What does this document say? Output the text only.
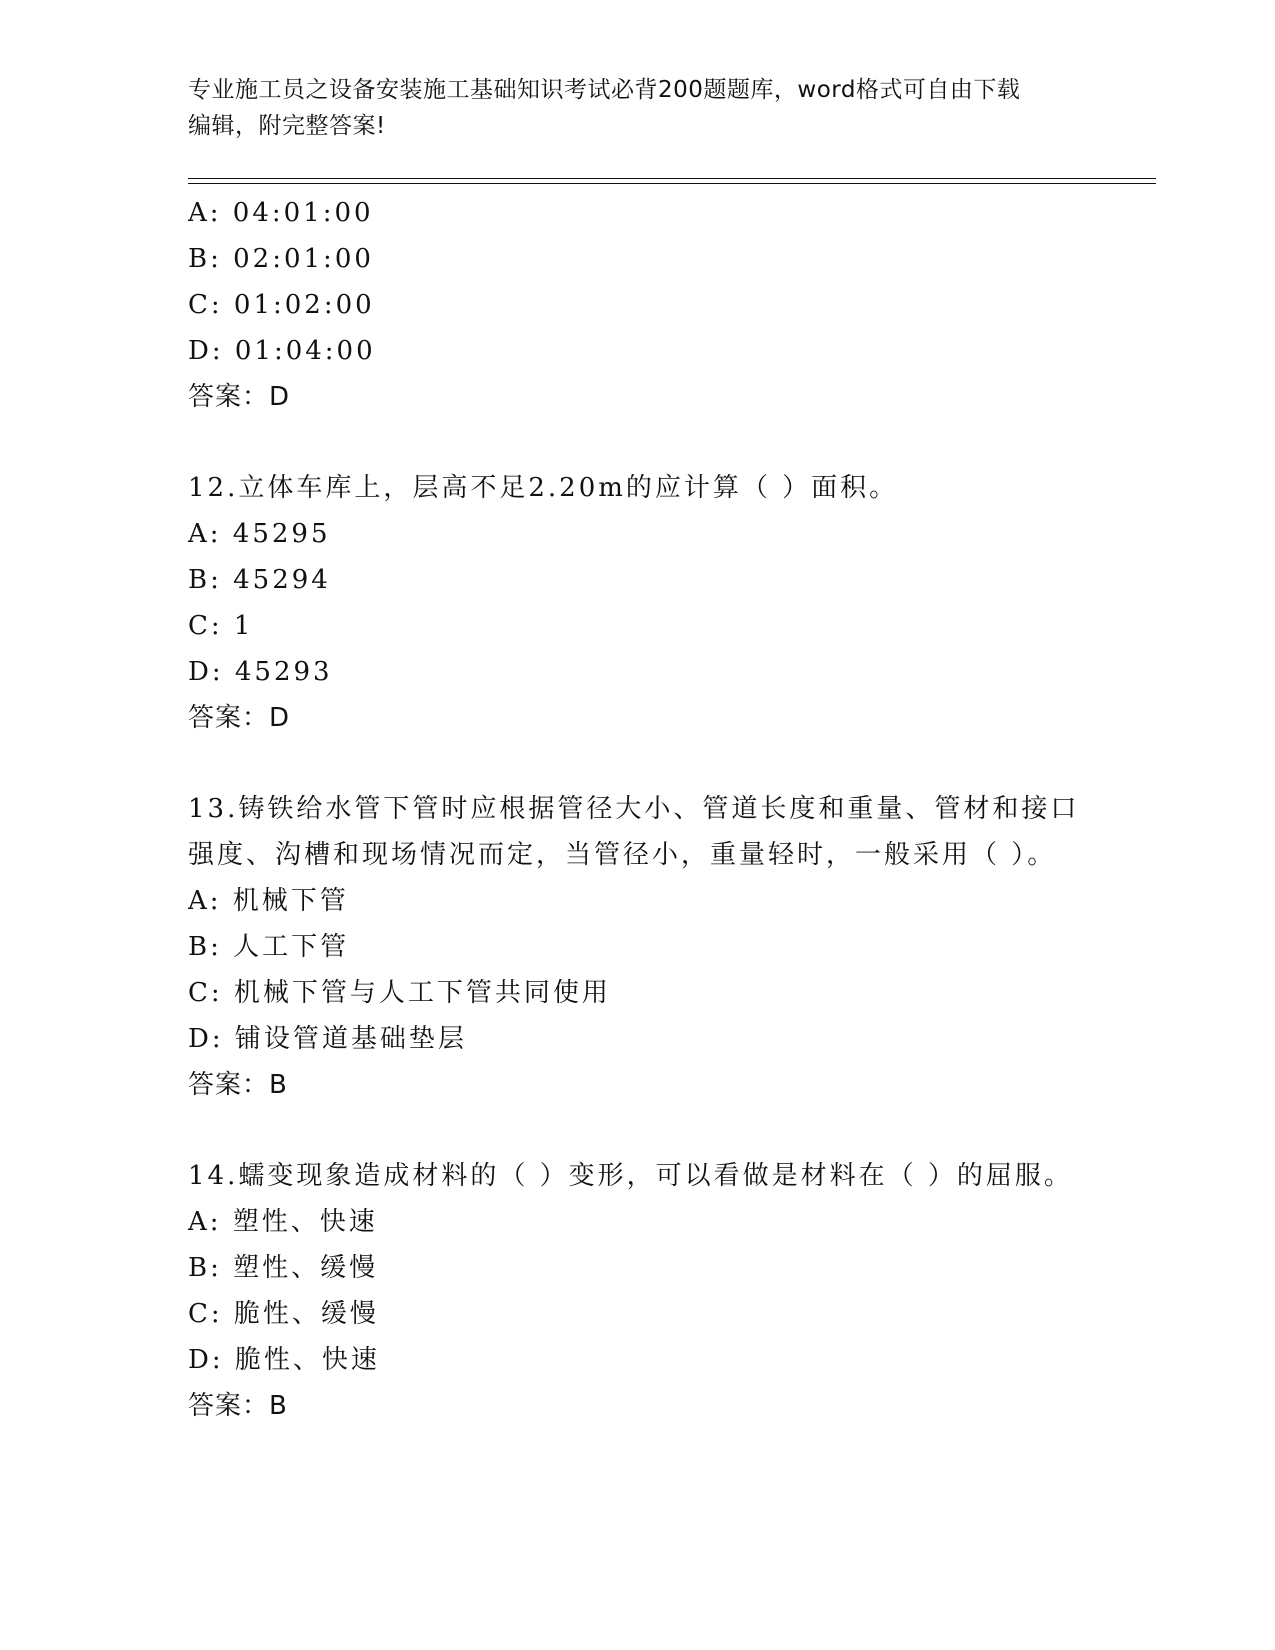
专业施工员之设备安装施工基础知识考试必背200题题库，word格式可自由下载
编辑，附完整答案!
A: 04:01:00
B: 02:01:00
C: 01:02:00
D: 01:04:00
答案：D
12.立体车库上，层高不足2.20m的应计算（ ）面积。
A: 45295
B: 45294
C: 1
D: 45293
答案：D
13.铸铁给水管下管时应根据管径大小、管道长度和重量、管材和接口
强度、沟槽和现场情况而定，当管径小，重量轻时，一般采用（ ）。
A: 机械下管
B: 人工下管
C: 机械下管与人工下管共同使用
D: 铺设管道基础垫层
答案：B
14.蠕变现象造成材料的（ ）变形，可以看做是材料在（ ）的屈服。
A: 塑性、快速
B: 塑性、缓慢
C: 脆性、缓慢
D: 脆性、快速
答案：B
